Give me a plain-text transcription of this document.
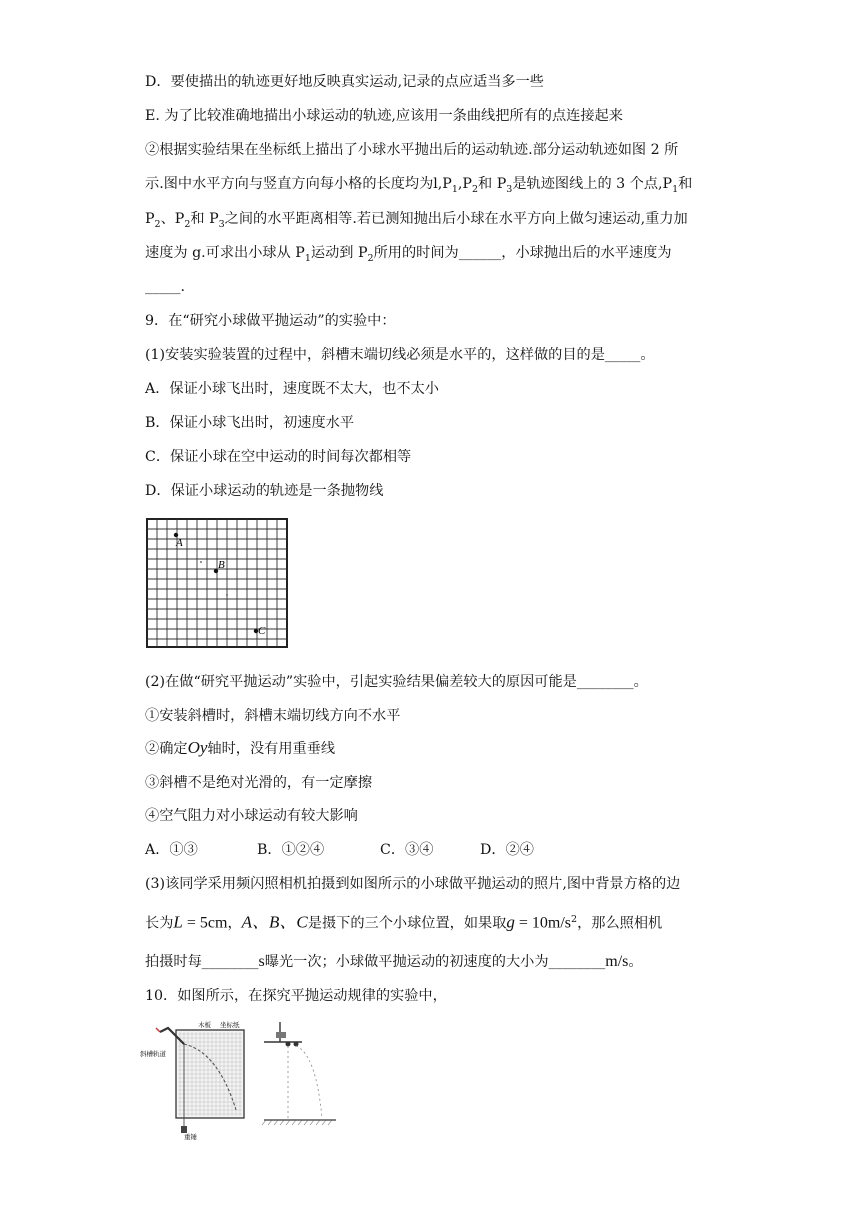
D．要使描出的轨迹更好地反映真实运动,记录的点应适当多一些
E. 为了比较准确地描出小球运动的轨迹,应该用一条曲线把所有的点连接起来
②根据实验结果在坐标纸上描出了小球水平抛出后的运动轨迹.部分运动轨迹如图 2 所
示.图中水平方向与竖直方向每小格的长度均为$l,P_1,P_2$和 $P_3$是轨迹图线上的 3 个点$,P_1$和
$P_2$、$P_2$和 $P_3$之间的水平距离相等.若已测知抛出后小球在水平方向上做匀速运动,重力加
速度为 g.可求出小球从 $P_1$运动到 $P_2$所用的时间为______，小球抛出后的水平速度为
_____.
9．在“研究小球做平抛运动”的实验中：
(1)安装实验装置的过程中，斜槽末端切线必须是水平的，这样做的目的是_____。
A．保证小球飞出时，速度既不太大，也不太小
B．保证小球飞出时，初速度水平
C．保证小球在空中运动的时间每次都相等
D．保证小球运动的轨迹是一条抛物线
A
B
C
(2)在做“研究平抛运动”实验中，引起实验结果偏差较大的原因可能是________。
①安装斜槽时，斜槽末端切线方向不水平
②确定Oy轴时，没有用重垂线
③斜槽不是绝对光滑的，有一定摩擦
④空气阻力对小球运动有较大影响
A．①③	B．①②④	C．③④	D．②④
(3)该同学采用频闪照相机拍摄到如图所示的小球做平抛运动的照片,图中背景方格的边
长为L = 5cm，A、B、C是摄下的三个小球位置，如果取$g = 10m/s^2$，那么照相机
拍摄时每________s曝光一次；小球做平抛运动的初速度的大小为________m/s。
10．如图所示，在探究平抛运动规律的实验中，
木板 坐标纸
斜槽轨道
重锤
